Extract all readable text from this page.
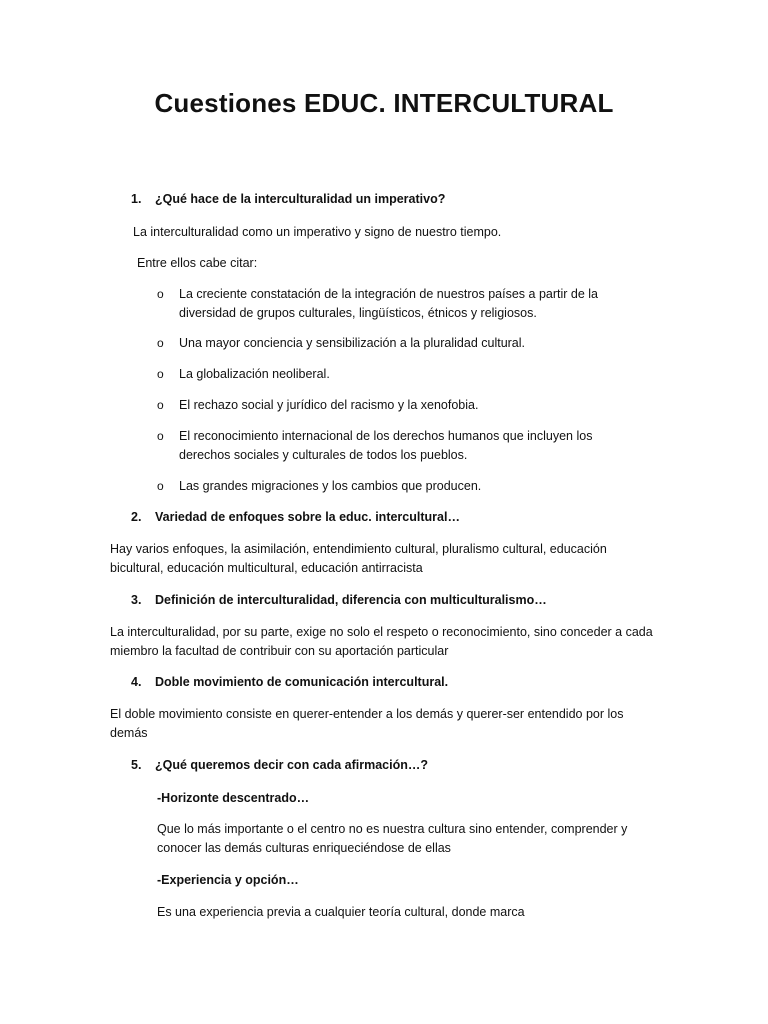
Cuestiones EDUC. INTERCULTURAL
1. ¿Qué hace de la interculturalidad un imperativo?

La interculturalidad como un imperativo y signo de nuestro tiempo.

Entre ellos cabe citar:

o La creciente constatación de la integración de nuestros países a partir de la diversidad de grupos culturales, lingüísticos, étnicos y religiosos.

o Una mayor conciencia y sensibilización a la pluralidad cultural.

o La globalización neoliberal.

o El rechazo social y jurídico del racismo y la xenofobia.

o El reconocimiento internacional de los derechos humanos que incluyen los derechos sociales y culturales de todos los pueblos.

o Las grandes migraciones y los cambios que producen.

2. Variedad de enfoques sobre la educ. intercultural…

Hay varios enfoques, la asimilación, entendimiento cultural, pluralismo cultural, educación bicultural, educación multicultural, educación antirracista

3. Definición de interculturalidad, diferencia con multiculturalismo…

La interculturalidad, por su parte, exige no solo el respeto o reconocimiento, sino conceder a cada miembro la facultad de contribuir con su aportación particular

4. Doble movimiento de comunicación intercultural.

El doble movimiento consiste en querer-entender a los demás y querer-ser entendido por los demás

5. ¿Qué queremos decir con cada afirmación…?

-Horizonte descentrado…

Que lo más importante o el centro no es nuestra cultura sino entender, comprender y conocer las demás culturas enriqueciéndose de ellas

-Experiencia y opción…

Es una experiencia previa a cualquier teoría cultural, donde marca
